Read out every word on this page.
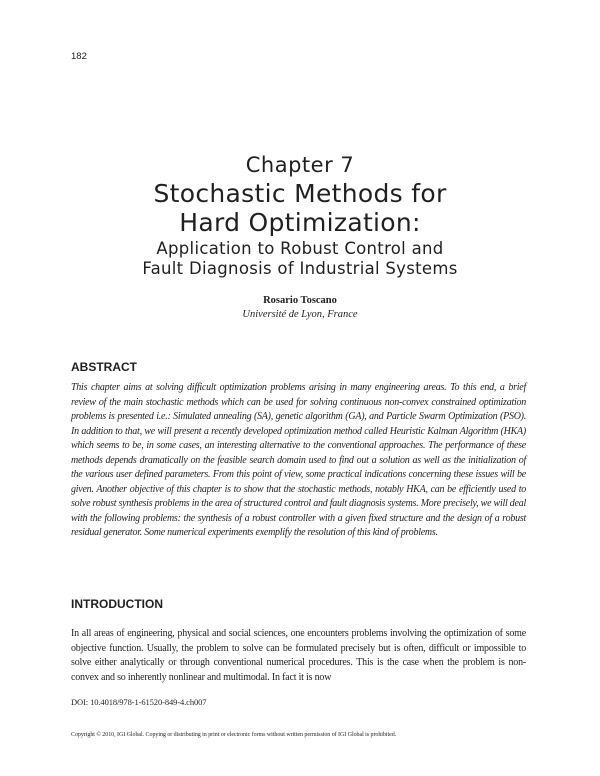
182
Chapter 7
Stochastic Methods for
Hard Optimization:
Application to Robust Control and
Fault Diagnosis of Industrial Systems
Rosario Toscano
Université de Lyon, France
ABSTRACT

This chapter aims at solving difficult optimization problems arising in many engineering areas. To this end, a brief review of the main stochastic methods which can be used for solving continuous non-convex constrained optimization problems is presented i.e.: Simulated annealing (SA), genetic algorithm (GA), and Particle Swarm Optimization (PSO). In addition to that, we will present a recently developed optimization method called Heuristic Kalman Algorithm (HKA) which seems to be, in some cases, an interesting alternative to the conventional approaches. The performance of these methods depends dramatically on the feasible search domain used to find out a solution as well as the initialization of the various user defined parameters. From this point of view, some practical indications concerning these issues will be given. Another objective of this chapter is to show that the stochastic methods, notably HKA, can be efficiently used to solve robust synthesis problems in the area of structured control and fault diagnosis systems. More precisely, we will deal with the following problems: the synthesis of a robust controller with a given fixed structure and the design of a robust residual generator. Some numerical experiments exemplify the resolution of this kind of problems.

INTRODUCTION

In all areas of engineering, physical and social sciences, one encounters problems involving the optimization of some objective function. Usually, the problem to solve can be formulated precisely but is often, difficult or impossible to solve either analytically or through conventional numerical procedures. This is the case when the problem is non-convex and so inherently nonlinear and multimodal. In fact it is now

DOI: 10.4018/978-1-61520-849-4.ch007
Copyright © 2010, IGI Global. Copying or distributing in print or electronic forms without written permission of IGI Global is prohibited.
